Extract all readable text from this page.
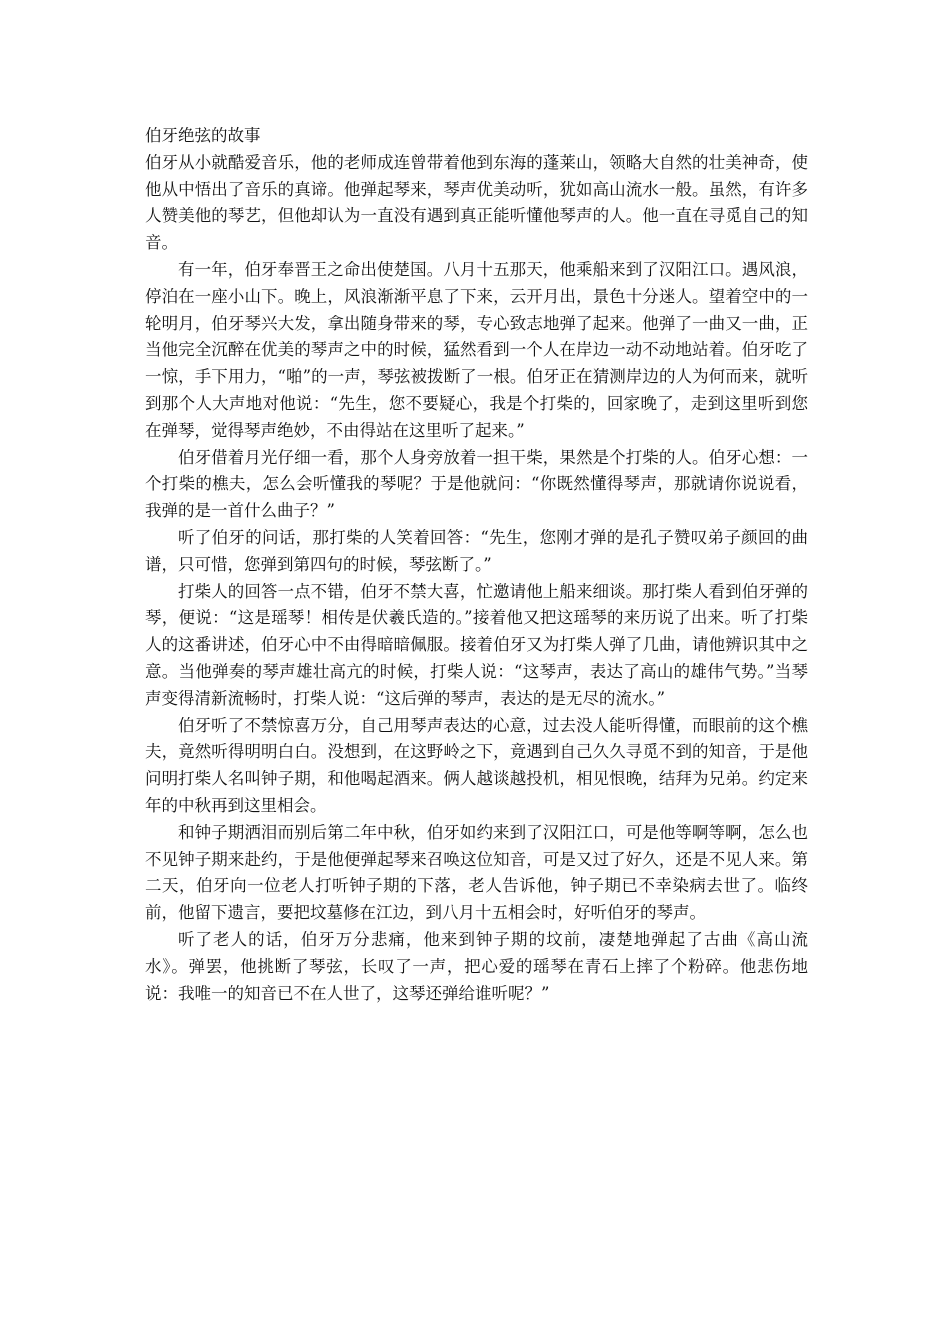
伯牙绝弦的故事

伯牙从小就酷爱音乐，他的老师成连曾带着他到东海的蓬莱山，领略大自然的壮美神奇，使他从中悟出了音乐的真谛。他弹起琴来，琴声优美动听，犹如高山流水一般。虽然，有许多人赞美他的琴艺，但他却认为一直没有遇到真正能听懂他琴声的人。他一直在寻觅自己的知音。

有一年，伯牙奉晋王之命出使楚国。八月十五那天，他乘船来到了汉阳江口。遇风浪，停泊在一座小山下。晚上，风浪渐渐平息了下来，云开月出，景色十分迷人。望着空中的一轮明月，伯牙琴兴大发，拿出随身带来的琴，专心致志地弹了起来。他弹了一曲又一曲，正当他完全沉醉在优美的琴声之中的时候，猛然看到一个人在岸边一动不动地站着。伯牙吃了一惊，手下用力，“啪”的一声，琴弦被拨断了一根。伯牙正在猜测岸边的人为何而来，就听到那个人大声地对他说：“先生，您不要疑心，我是个打柴的，回家晚了，走到这里听到您在弹琴，觉得琴声绝妙，不由得站在这里听了起来。”

伯牙借着月光仔细一看，那个人身旁放着一担干柴，果然是个打柴的人。伯牙心想：一个打柴的樵夫，怎么会听懂我的琴呢？于是他就问：“你既然懂得琴声，那就请你说说看，我弹的是一首什么曲子？”

听了伯牙的问话，那打柴的人笑着回答：“先生，您刚才弹的是孔子赞叹弟子颜回的曲谱，只可惜，您弹到第四句的时候，琴弦断了。”

打柴人的回答一点不错，伯牙不禁大喜，忙邀请他上船来细谈。那打柴人看到伯牙弹的琴，便说：“这是瑶琴！相传是伏羲氏造的。”接着他又把这瑶琴的来历说了出来。听了打柴人的这番讲述，伯牙心中不由得暗暗佩服。接着伯牙又为打柴人弹了几曲，请他辨识其中之意。当他弹奏的琴声雄壮高亢的时候，打柴人说：“这琴声，表达了高山的雄伟气势。”当琴声变得清新流畅时，打柴人说：“这后弹的琴声，表达的是无尽的流水。”

伯牙听了不禁惊喜万分，自己用琴声表达的心意，过去没人能听得懂，而眼前的这个樵夫，竟然听得明明白白。没想到，在这野岭之下，竟遇到自己久久寻觅不到的知音，于是他问明打柴人名叫钟子期，和他喝起酒来。俩人越谈越投机，相见恨晚，结拜为兄弟。约定来年的中秋再到这里相会。

和钟子期洒泪而别后第二年中秋，伯牙如约来到了汉阳江口，可是他等啊等啊，怎么也不见钟子期来赴约，于是他便弹起琴来召唤这位知音，可是又过了好久，还是不见人来。第二天，伯牙向一位老人打听钟子期的下落，老人告诉他，钟子期已不幸染病去世了。临终前，他留下遗言，要把坟墓修在江边，到八月十五相会时，好听伯牙的琴声。

听了老人的话，伯牙万分悲痛，他来到钟子期的坟前，凄楚地弹起了古曲《高山流水》。弹罢，他挑断了琴弦，长叹了一声，把心爱的瑶琴在青石上摔了个粉碎。他悲伤地说：我唯一的知音已不在人世了，这琴还弹给谁听呢？”
